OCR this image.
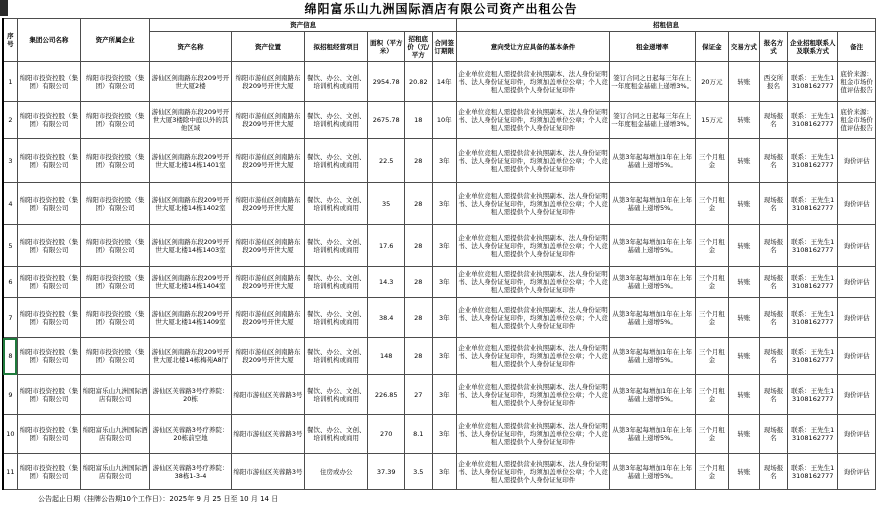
绵阳富乐山九洲国际酒店有限公司资产出租公告
序号	集团公司名称	资产所属企业	资产信息						招租信息						
			资产名称	资产位置	拟招租经营项目	面积（平方米）	招租底价（元/平方	合同签订期限	意向受让方应具备的基本条件	租金递增率	保证金	交易方式	报名方式	企业招租联系人及联系方式	备注
1	绵阳市投资控股（集团）有限公司	绵阳市投资控股（集团）有限公司	游仙区剑南路东段209号开世大厦2楼	绵阳市游仙区剑南路东段209号开世大厦	餐饮、办公、文创、培训机构或商用	2954.78	20.82	14年	企业单位竞租人需提供营业执照副本、法人身份证明书、法人身份证复印件，均须加盖单位公章；个人竞租人需提供个人身份证复印件	签订合同之日起每三年在上一年度租金基础上递增3%。	20万元	转账	西交所报名	联系：王先生13108162777	底价来源：租金市场价值评估报告
2	绵阳市投资控股（集团）有限公司	绵阳市投资控股（集团）有限公司	游仙区剑南路东段209号开世大厦3楼除中庭以外的其他区域	绵阳市游仙区剑南路东段209号开世大厦	餐饮、办公、文创、培训机构或商用	2675.78	18	10年	企业单位竞租人需提供营业执照副本、法人身份证明书、法人身份证复印件，均须加盖单位公章；个人竞租人需提供个人身份证复印件	签订合同之日起每三年在上一年度租金基础上递增3%。	15万元	转账	现场报名	联系：王先生13108162777	底价来源：租金市场价值评估报告
3	绵阳市投资控股（集团）有限公司	绵阳市投资控股（集团）有限公司	游仙区剑南路东段209号开世大厦北楼14栋1401室	绵阳市游仙区剑南路东段209号开世大厦	餐饮、办公、文创、培训机构或商用	22.5	28	3年	企业单位竞租人需提供营业执照副本、法人身份证明书、法人身份证复印件，均须加盖单位公章；个人竞租人需提供个人身份证复印件	从第3年起每增加1年在上年基础上递增5%。	三个月租金	转账	现场报名	联系：王先生13108162777	询价评估
4	绵阳市投资控股（集团）有限公司	绵阳市投资控股（集团）有限公司	游仙区剑南路东段209号开世大厦北楼14栋1402室	绵阳市游仙区剑南路东段209号开世大厦	餐饮、办公、文创、培训机构或商用	35	28	3年	企业单位竞租人需提供营业执照副本、法人身份证明书、法人身份证复印件，均须加盖单位公章；个人竞租人需提供个人身份证复印件	从第3年起每增加1年在上年基础上递增5%。	三个月租金	转账	现场报名	联系：王先生13108162777	询价评估
5	绵阳市投资控股（集团）有限公司	绵阳市投资控股（集团）有限公司	游仙区剑南路东段209号开世大厦北楼14栋1403室	绵阳市游仙区剑南路东段209号开世大厦	餐饮、办公、文创、培训机构或商用	17.6	28	3年	企业单位竞租人需提供营业执照副本、法人身份证明书、法人身份证复印件，均须加盖单位公章；个人竞租人需提供个人身份证复印件	从第3年起每增加1年在上年基础上递增5%。	三个月租金	转账	现场报名	联系：王先生13108162777	询价评估
6	绵阳市投资控股（集团）有限公司	绵阳市投资控股（集团）有限公司	游仙区剑南路东段209号开世大厦北楼14栋1404室	绵阳市游仙区剑南路东段209号开世大厦	餐饮、办公、文创、培训机构或商用	14.3	28	3年	企业单位竞租人需提供营业执照副本、法人身份证明书、法人身份证复印件，均须加盖单位公章；个人竞租人需提供个人身份证复印件	从第3年起每增加1年在上年基础上递增5%。	三个月租金	转账	现场报名	联系：王先生13108162777	询价评估
7	绵阳市投资控股（集团）有限公司	绵阳市投资控股（集团）有限公司	游仙区剑南路东段209号开世大厦北楼14栋1409室	绵阳市游仙区剑南路东段209号开世大厦	餐饮、办公、文创、培训机构或商用	38.4	28	3年	企业单位竞租人需提供营业执照副本、法人身份证明书、法人身份证复印件，均须加盖单位公章；个人竞租人需提供个人身份证复印件	从第3年起每增加1年在上年基础上递增5%。	三个月租金	转账	现场报名	联系：王先生13108162777	询价评估
8	绵阳市投资控股（集团）有限公司	绵阳市投资控股（集团）有限公司	游仙区剑南路东段209号开世大厦北楼14栋梅苑A8厅	绵阳市游仙区剑南路东段209号开世大厦	餐饮、办公、文创、培训机构或商用	148	28	3年	企业单位竞租人需提供营业执照副本、法人身份证明书、法人身份证复印件，均须加盖单位公章；个人竞租人需提供个人身份证复印件	从第3年起每增加1年在上年基础上递增5%。	三个月租金	转账	现场报名	联系：王先生13108162777	询价评估
9	绵阳市投资控股（集团）有限公司	绵阳富乐山九洲国际酒店有限公司	游仙区芙蓉路3号疗养院：20栋	绵阳市游仙区芙蓉路3号	餐饮、办公、文创、培训机构或商用	226.85	27	3年	企业单位竞租人需提供营业执照副本、法人身份证明书、法人身份证复印件，均须加盖单位公章；个人竞租人需提供个人身份证复印件	从第3年起每增加1年在上年基础上递增5%。	三个月租金	转账	现场报名	联系：王先生13108162777	询价评估
10	绵阳市投资控股（集团）有限公司	绵阳富乐山九洲国际酒店有限公司	游仙区芙蓉路3号疗养院：20栋前空地	绵阳市游仙区芙蓉路3号	餐饮、办公、文创、培训机构或商用	270	8.1	3年	企业单位竞租人需提供营业执照副本、法人身份证明书、法人身份证复印件，均须加盖单位公章；个人竞租人需提供个人身份证复印件	从第3年起每增加1年在上年基础上递增5%。	三个月租金	转账	现场报名	联系：王先生13108162777	询价评估
11	绵阳市投资控股（集团）有限公司	绵阳富乐山九洲国际酒店有限公司	游仙区芙蓉路3号疗养院：38栋1-3-4	绵阳市游仙区芙蓉路3号	住房或办公	37.39	3.5	3年	企业单位竞租人需提供营业执照副本、法人身份证明书、法人身份证复印件，均须加盖单位公章；个人竞租人需提供个人身份证复印件	从第3年起每增加1年在上年基础上递增5%。	三个月租金	转账	现场报名	联系：王先生13108162777	询价评估
公告起止日期（挂牌公告期10个工作日）：2025年 9 月 25 日至 10 月 14 日
